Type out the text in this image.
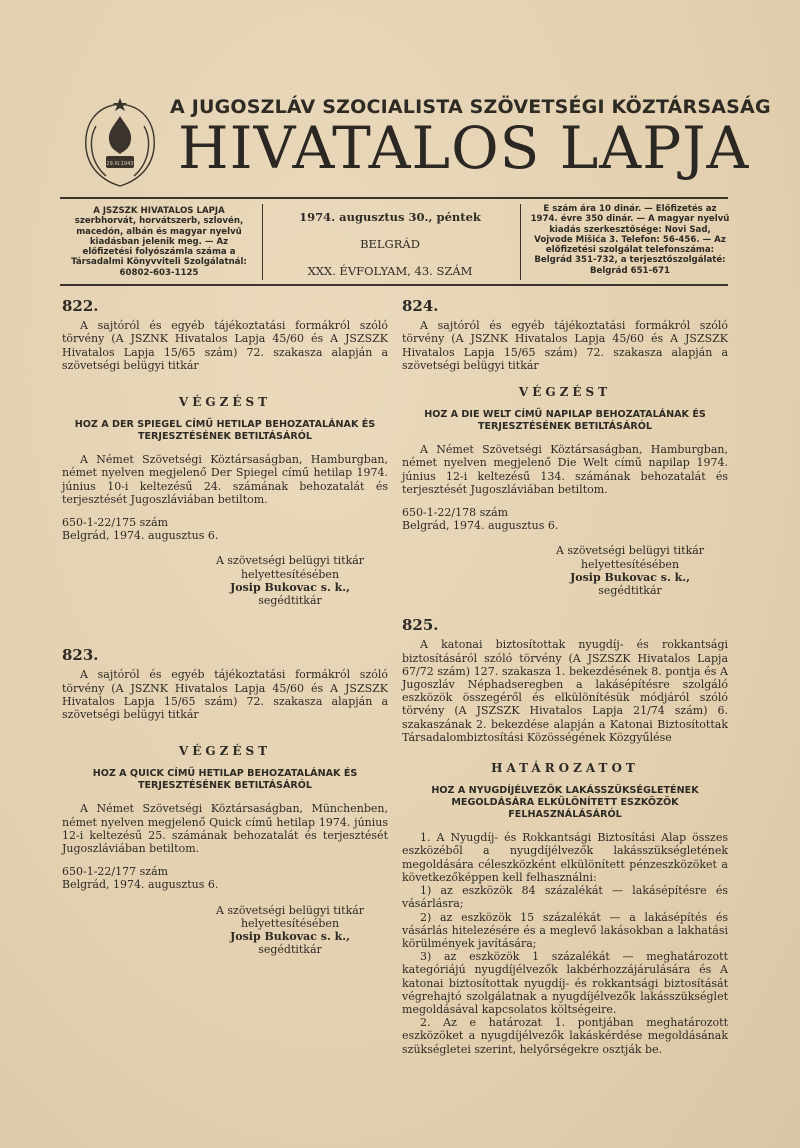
29.XI.1943
A JUGOSZLÁV SZOCIALISTA SZÖVETSÉGI KÖZTÁRSASÁG
HIVATALOS LAPJA
A JSZSZK HIVATALOS LAPJA szerbhorvát, horvátszerb, szlovén, macedón, albán és magyar nyelvű kiadásban jelenik meg. — Az előfizetési folyószámla száma a Társadalmi Könyvviteli Szolgálatnál: 60802-603-1125
1974. augusztus 30., péntek
BELGRÁD
XXX. ÉVFOLYAM, 43. SZÁM
E szám ára 10 dinár. — Előfizetés az 1974. évre 350 dinár. — A magyar nyelvű kiadás szerkesztősége: Novi Sad, Vojvode Mišića 3. Telefon: 56-456. — Az előfizetési szolgálat telefonszáma: Belgrád 351-732, a terjesztőszolgálaté: Belgrád 651-671
822.

A sajtóról és egyéb tájékoztatási formákról szóló törvény (A JSZNK Hivatalos Lapja 45/60 és A JSZSZK Hivatalos Lapja 15/65 szám) 72. szakasza alapján a szövetségi belügyi titkár

VÉGZÉST
HOZ A DER SPIEGEL CÍMŰ HETILAP BEHOZATALÁNAK ÉS TERJESZTÉSÉNEK BETILTÁSÁRÓL

A Német Szövetségi Köztársaságban, Hamburgban, német nyelven megjelenő Der Spiegel című hetilap 1974. június 10-i keltezésű 24. számának behozatalát és terjesztését Jugoszláviában betiltom.

650-1-22/175 szám
Belgrád, 1974. augusztus 6.
A szövetségi belügyi titkár
helyettesítésében
Josip Bukovac s. k.,
segédtitkár
823.

A sajtóról és egyéb tájékoztatási formákról szóló törvény (A JSZNK Hivatalos Lapja 45/60 és A JSZSZK Hivatalos Lapja 15/65 szám) 72. szakasza alapján a szövetségi belügyi titkár

VÉGZÉST
HOZ A QUICK CÍMŰ HETILAP BEHOZATALÁNAK ÉS TERJESZTÉSÉNEK BETILTÁSÁRÓL

A Német Szövetségi Köztársaságban, Münchenben, német nyelven megjelenő Quick című hetilap 1974. június 12-i keltezésű 25. számának behozatalát és terjesztését Jugoszláviában betiltom.

650-1-22/177 szám
Belgrád, 1974. augusztus 6.
A szövetségi belügyi titkár
helyettesítésében
Josip Bukovac s. k.,
segédtitkár
824.

A sajtóról és egyéb tájékoztatási formákról szóló törvény (A JSZNK Hivatalos Lapja 45/60 és A JSZSZK Hivatalos Lapja 15/65 szám) 72. szakasza alapján a szövetségi belügyi titkár

VÉGZÉST
HOZ A DIE WELT CÍMŰ NAPILAP BEHOZATALÁNAK ÉS TERJESZTÉSÉNEK BETILTÁSÁRÓL

A Német Szövetségi Köztársaságban, Hamburgban, német nyelven megjelenő Die Welt című napilap 1974. június 12-i keltezésű 134. számának behozatalát és terjesztését Jugoszláviában betiltom.

650-1-22/178 szám
Belgrád, 1974. augusztus 6.
A szövetségi belügyi titkár
helyettesítésében
Josip Bukovac s. k.,
segédtitkár
825.

A katonai biztosítottak nyugdíj- és rokkantsági biztosításáról szóló törvény (A JSZSZK Hivatalos Lapja 67/72 szám) 127. szakasza 1. bekezdésének 8. pontja és A Jugoszláv Néphadseregben a lakásépítésre szolgáló eszközök összegéről és elkülönítésük módjáról szóló törvény (A JSZSZK Hivatalos Lapja 21/74 szám) 6. szakaszának 2. bekezdése alapján a Katonai Biztosítottak Társadalombiztosítási Közösségének Közgyűlése

HATÁROZATOT
HOZ A NYUGDÍJÉLVEZŐK LAKÁSSZÜKSÉGLETÉNEK MEGOLDÁSÁRA ELKÜLÖNÍTETT ESZKÖZÖK FELHASZNÁLÁSÁRÓL

1. A Nyugdíj- és Rokkantsági Biztosítási Alap összes eszközéből a nyugdíjélvezők lakásszükségletének megoldására céleszközként elkülönített pénzeszközöket a következőképpen kell felhasználni:

1) az eszközök 84 százalékát — lakásépítésre és vásárlásra;

2) az eszközök 15 százalékát — a lakásépítés és vásárlás hitelezésére és a meglevő lakásokban a lakhatási körülmények javítására;

3) az eszközök 1 százalékát — meghatározott kategóriájú nyugdíjélvezők lakbérhozzájárulására és A katonai biztosítottak nyugdíj- és rokkantsági biztosítását végrehajtó szolgálatnak a nyugdíjélvezők lakásszükséglet megoldásával kapcsolatos költségeire.

2. Az e határozat 1. pontjában meghatározott eszközöket a nyugdíjélvezők lakáskérdése megoldásának szükségletei szerint, helyőrségekre osztják be.
